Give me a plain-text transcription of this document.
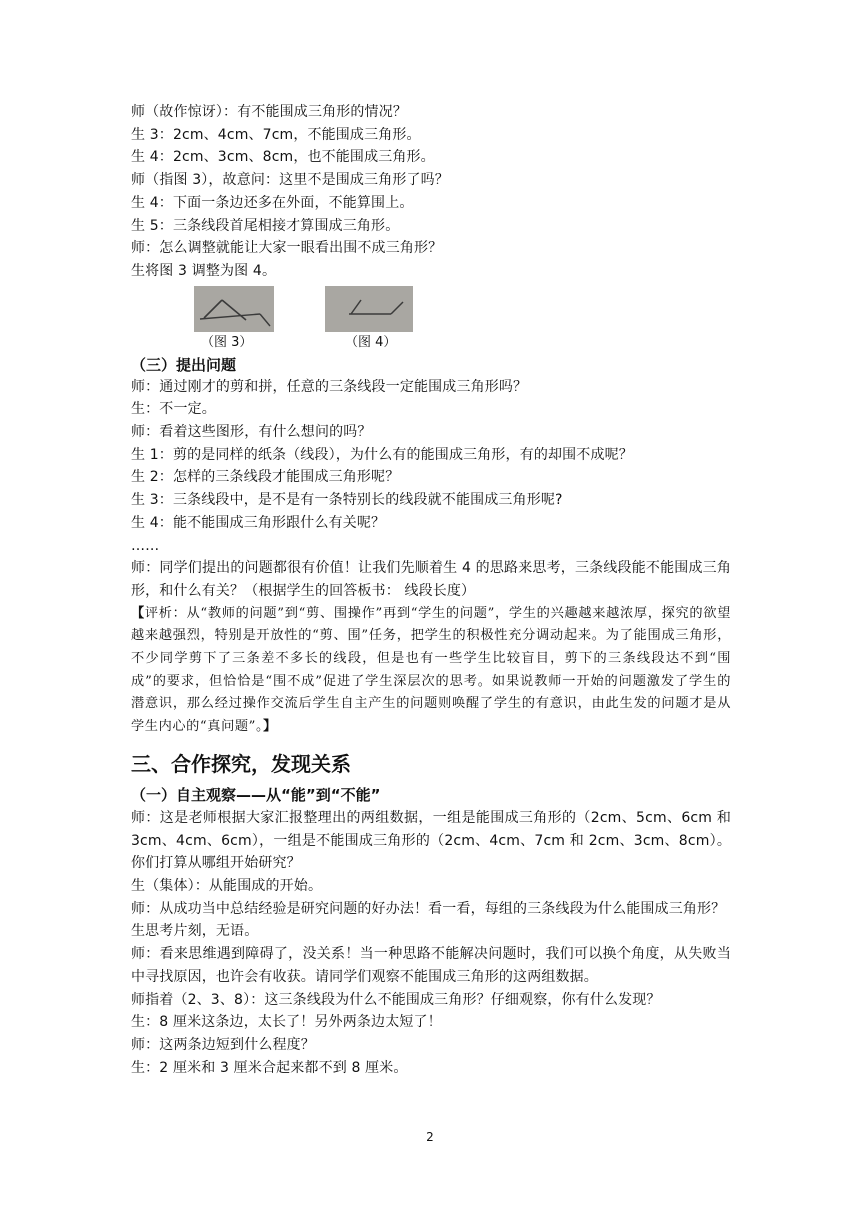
师（故作惊讶）：有不能围成三角形的情况？
生 3：2cm、4cm、7cm，不能围成三角形。
生 4：2cm、3cm、8cm，也不能围成三角形。
师（指图 3），故意问：这里不是围成三角形了吗？
生 4：下面一条边还多在外面，不能算围上。
生 5：三条线段首尾相接才算围成三角形。
师：怎么调整就能让大家一眼看出围不成三角形？
生将图 3 调整为图 4。
（图 3）	（图 4）
（三）提出问题
师：通过刚才的剪和拼，任意的三条线段一定能围成三角形吗？
生：不一定。
师：看着这些图形，有什么想问的吗？
生 1：剪的是同样的纸条（线段），为什么有的能围成三角形，有的却围不成呢？
生 2：怎样的三条线段才能围成三角形呢？
生 3：三条线段中，是不是有一条特别长的线段就不能围成三角形呢?
生 4：能不能围成三角形跟什么有关呢？
……
师：同学们提出的问题都很有价值！让我们先顺着生 4 的思路来思考，三条线段能不能围成三角形，和什么有关？（根据学生的回答板书： 线段长度）
【评析：从“教师的问题”到“剪、围操作”再到“学生的问题”，学生的兴趣越来越浓厚，探究的欲望越来越强烈，特别是开放性的“剪、围”任务，把学生的积极性充分调动起来。为了能围成三角形，不少同学剪下了三条差不多长的线段，但是也有一些学生比较盲目，剪下的三条线段达不到“围成”的要求，但恰恰是“围不成”促进了学生深层次的思考。如果说教师一开始的问题激发了学生的潜意识，那么经过操作交流后学生自主产生的问题则唤醒了学生的有意识，由此生发的问题才是从学生内心的“真问题”。】
三、合作探究，发现关系
（一）自主观察——从“能”到“不能”
师：这是老师根据大家汇报整理出的两组数据，一组是能围成三角形的（2cm、5cm、6cm 和 3cm、4cm、6cm），一组是不能围成三角形的（2cm、4cm、7cm 和 2cm、3cm、8cm）。你们打算从哪组开始研究？
生（集体）：从能围成的开始。
师：从成功当中总结经验是研究问题的好办法！看一看，每组的三条线段为什么能围成三角形？
生思考片刻，无语。
师：看来思维遇到障碍了，没关系！当一种思路不能解决问题时，我们可以换个角度，从失败当中寻找原因，也许会有收获。请同学们观察不能围成三角形的这两组数据。
师指着（2、3、8）：这三条线段为什么不能围成三角形？仔细观察，你有什么发现？
生：8 厘米这条边，太长了！另外两条边太短了！
师：这两条边短到什么程度？
生：2 厘米和 3 厘米合起来都不到 8 厘米。
2
